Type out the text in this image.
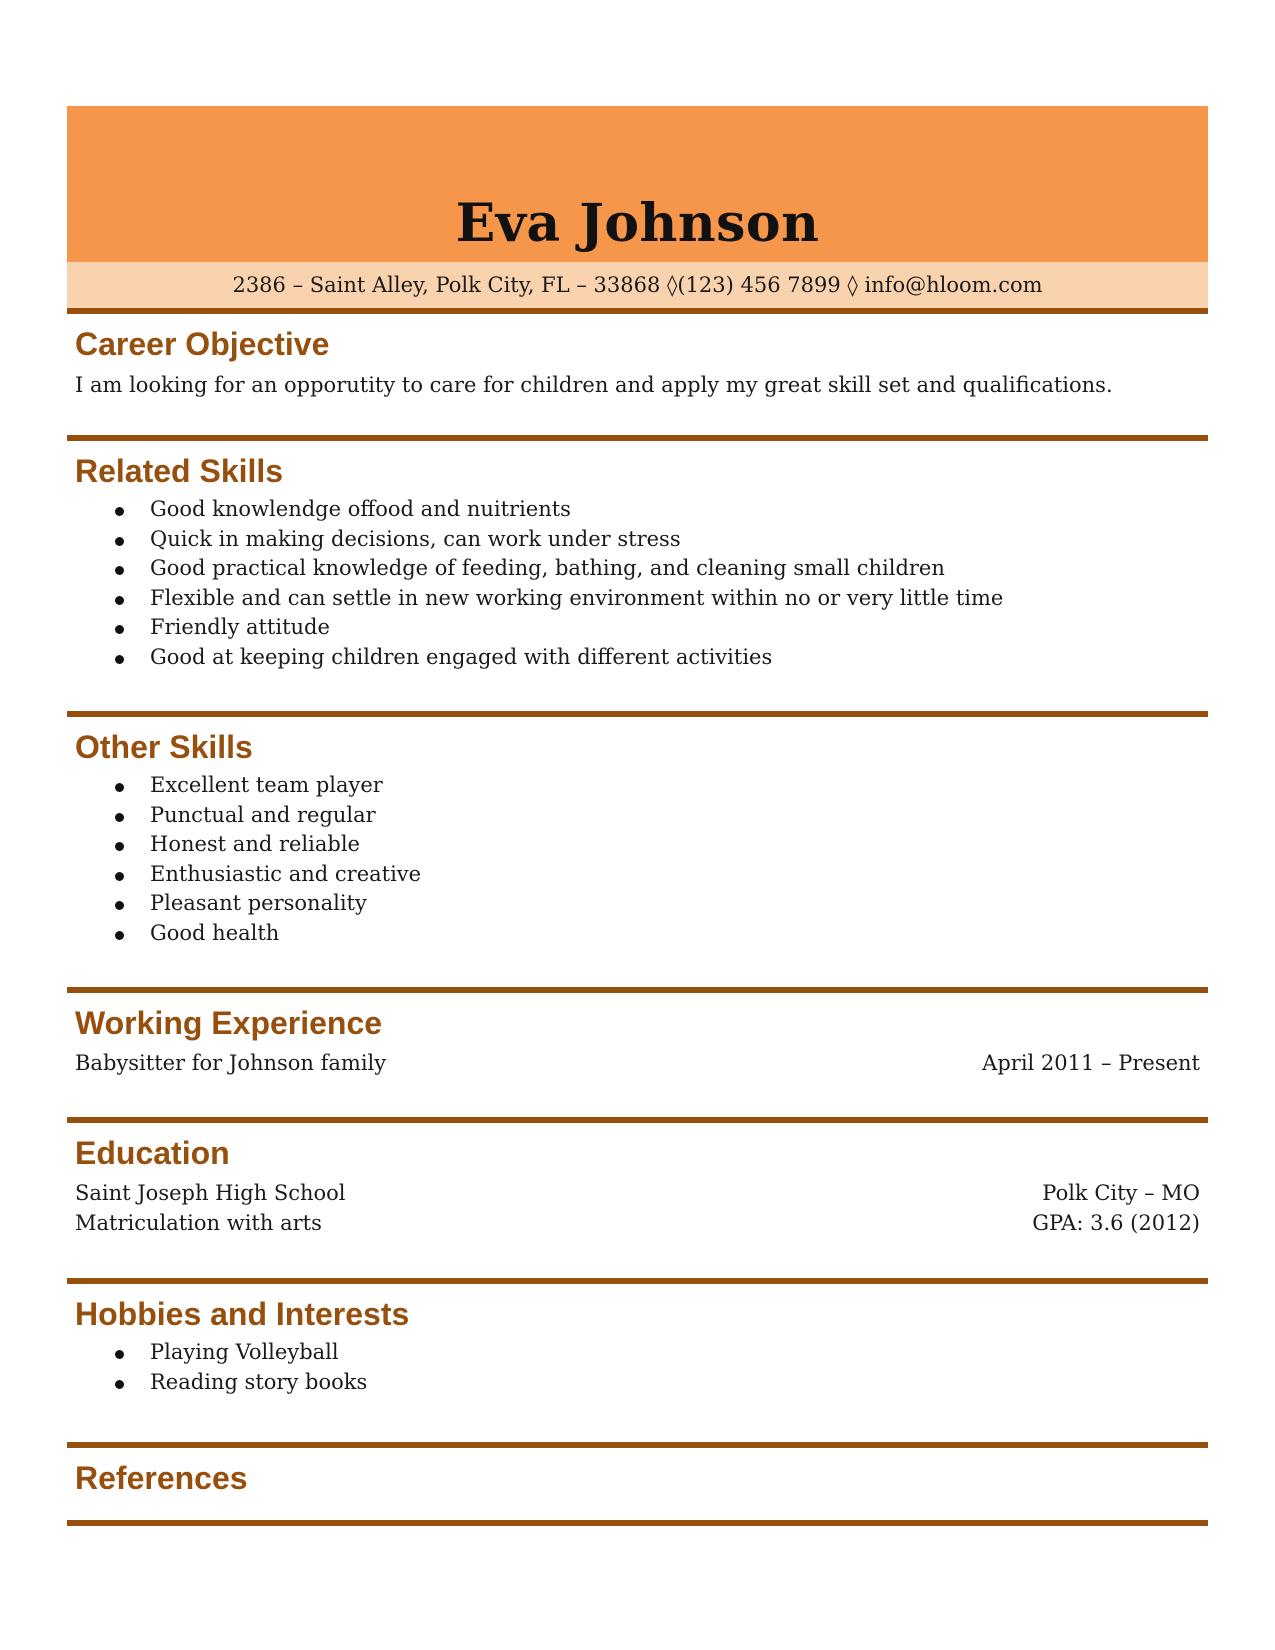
Eva Johnson
2386 – Saint Alley, Polk City, FL – 33868 ◊(123) 456 7899 ◊ info@hloom.com
Career Objective

I am looking for an opporutity to care for children and apply my great skill set and qualifications.

Related Skills
Good knowlendge offood and nuitrients
Quick in making decisions, can work under stress
Good practical knowledge of feeding, bathing, and cleaning small children
Flexible and can settle in new working environment within no or very little time
Friendly attitude
Good at keeping children engaged with different activities
Other Skills
Excellent team player
Punctual and regular
Honest and reliable
Enthusiastic and creative
Pleasant personality
Good health
Working Experience
Babysitter for Johnson family	April 2011 – Present
Education
Saint Joseph High School	Polk City – MO
Matriculation with arts	GPA: 3.6 (2012)
Hobbies and Interests
Playing Volleyball
Reading story books
References
